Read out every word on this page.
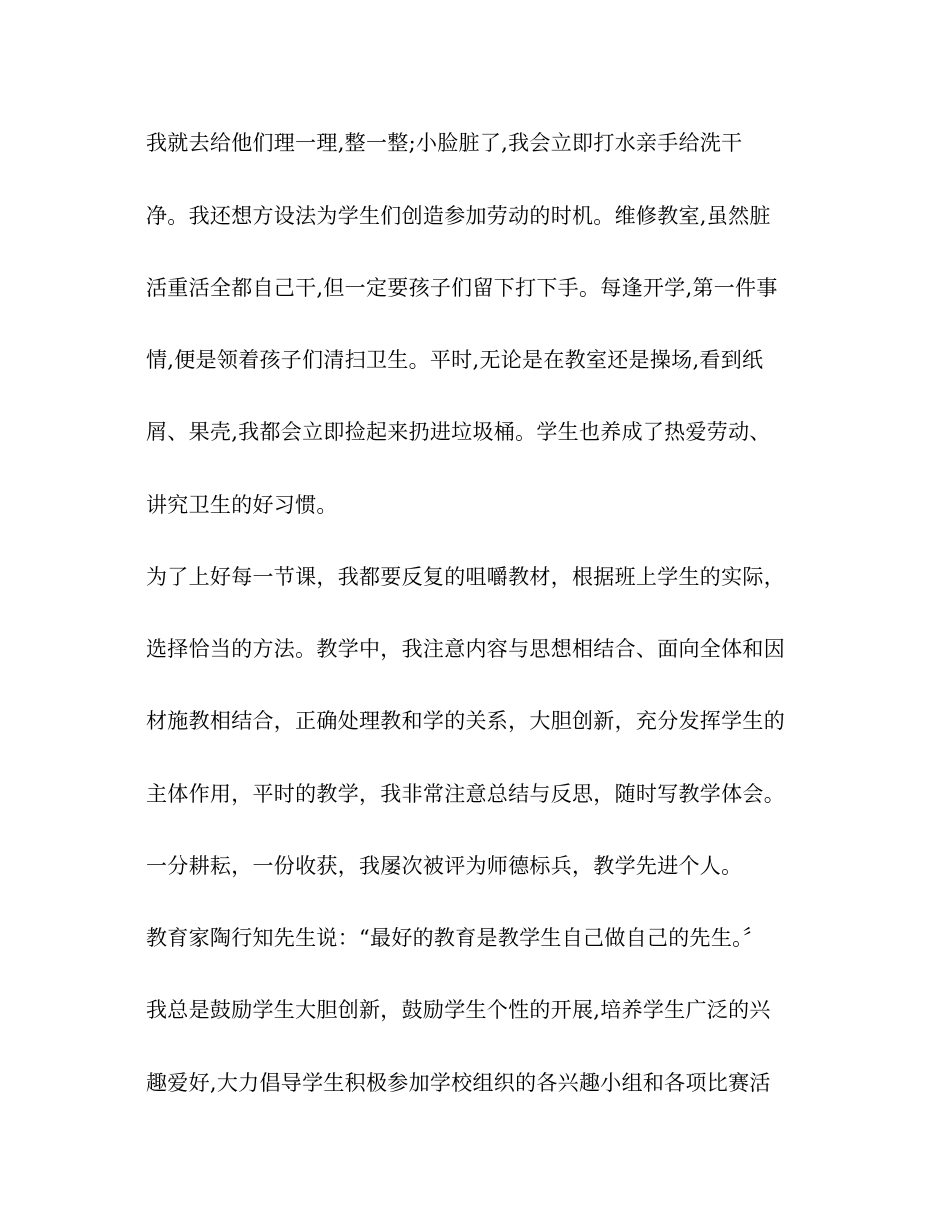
我就去给他们理一理,整一整;小脸脏了,我会立即打水亲手给洗干
净。我还想方设法为学生们创造参加劳动的时机。维修教室,虽然脏
活重活全都自己干,但一定要孩子们留下打下手。每逢开学,第一件事
情,便是领着孩子们清扫卫生。平时,无论是在教室还是操场,看到纸
屑、果壳,我都会立即捡起来扔进垃圾桶。学生也养成了热爱劳动、
讲究卫生的好习惯。
为了上好每一节课，我都要反复的咀嚼教材，根据班上学生的实际，
选择恰当的方法。教学中，我注意内容与思想相结合、面向全体和因
材施教相结合，正确处理教和学的关系，大胆创新，充分发挥学生的
主体作用，平时的教学，我非常注意总结与反思，随时写教学体会。
一分耕耘，一份收获，我屡次被评为师德标兵，教学先进个人。
教育家陶行知先生说：“最好的教育是教学生自己做自己的先生。〞
我总是鼓励学生大胆创新，鼓励学生个性的开展,培养学生广泛的兴
趣爱好,大力倡导学生积极参加学校组织的各兴趣小组和各项比赛活
